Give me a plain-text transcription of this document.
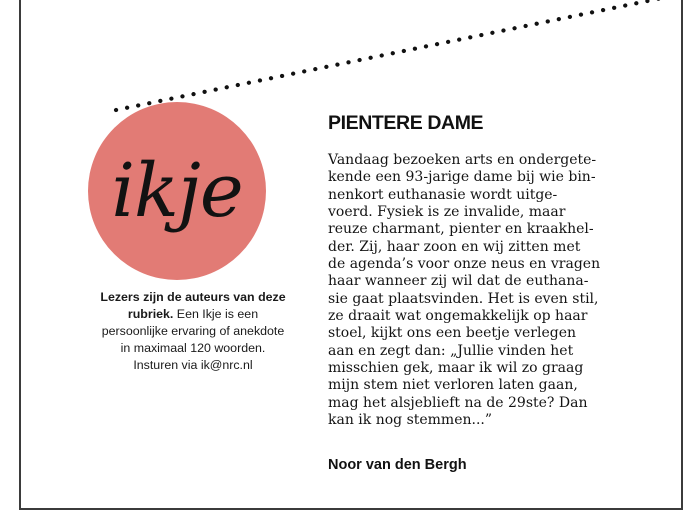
ikje
Lezers zijn de auteurs van deze rubriek. Een Ikje is een persoonlijke ervaring of anekdote in maximaal 120 woorden. Insturen via ik@nrc.nl
PIENTERE DAME
Vandaag bezoeken arts en ondergete-
kende een 93-jarige dame bij wie bin-
nenkort euthanasie wordt uitge-
voerd. Fysiek is ze invalide, maar
reuze charmant, pienter en kraakhel-
der. Zij, haar zoon en wij zitten met
de agenda’s voor onze neus en vragen
haar wanneer zij wil dat de euthana-
sie gaat plaatsvinden. Het is even stil,
ze draait wat ongemakkelijk op haar
stoel, kijkt ons een beetje verlegen
aan en zegt dan: „Jullie vinden het
misschien gek, maar ik wil zo graag
mijn stem niet verloren laten gaan,
mag het alsjeblieft na de 29ste? Dan
kan ik nog stemmen...”
Noor van den Bergh
